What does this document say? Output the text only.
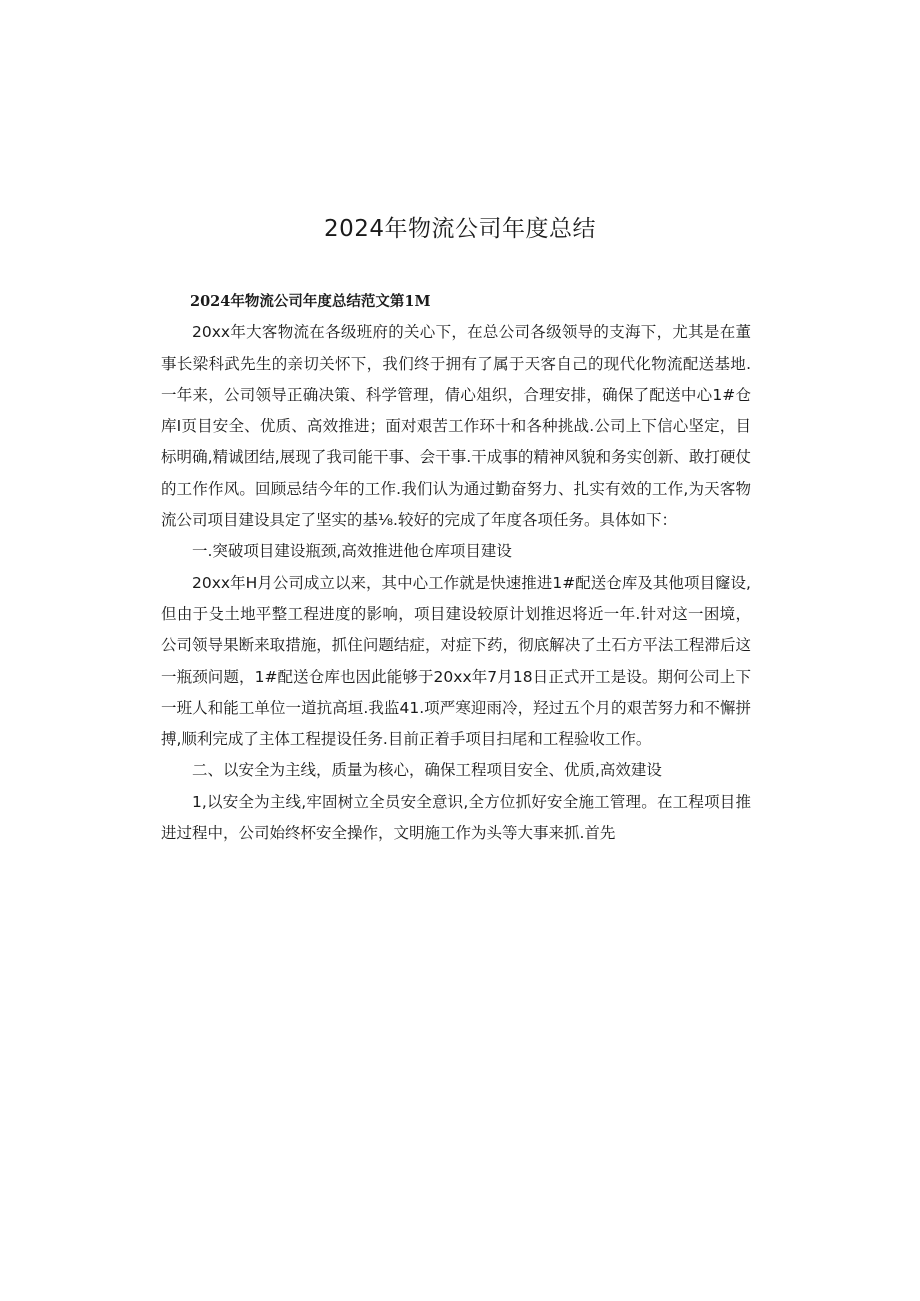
2024年物流公司年度总结

2024年物流公司年度总结范文第1M

20xx年大客物流在各级班府的关心下，在总公司各级领导的支海下，尤其是在董事长梁科武先生的亲切关怀下，我们终于拥有了属于天客自己的现代化物流配送基地.一年来，公司领导正确决策、科学管理，倩心俎织，合理安排，确保了配送中心1#仓库I页目安全、优质、高效推进；面对艰苦工作环十和各种挑战.公司上下信心坚定，目标明确,精诚团结,展现了我司能干事、会干事.干成事的精神风貌和务实创新、敢打硬仗的工作作风。回顾忌结今年的工作.我们认为通过勤奋努力、扎实有效的工作,为天客物流公司项目建设具定了坚实的基⅛.较好的完成了年度各项任务。具体如下：

一.突破项目建设瓶颈,高效推进他仓库项目建设

20xx年H月公司成立以来，其中心工作就是快速推进1#配送仓库及其他项目窿设,但由于殳土地平整工程进度的影响，项目建设较原计划推迟将近一年.针对这一困境，公司领导果断来取措施，抓住问题结症，对症下药，彻底解决了土石方平法工程滞后这一瓶颈问题，1#配送仓库也因此能够于20xx年7月18日正式开工是设。期何公司上下一班人和能工单位一道抗高垣.我监41.项严寒迎雨冷，羟过五个月的艰苦努力和不懈拼搏,顺利完成了主体工程提设任务.目前正着手项目扫尾和工程验收工作。

二、以安全为主线，质量为核心，确保工程项目安全、优质,高效建设

1,以安全为主线,牢固树立全员安全意识,全方位抓好安全施工管理。在工程项目推进过程中，公司始终杯安全操作，文明施工作为头等大事来抓.首先
